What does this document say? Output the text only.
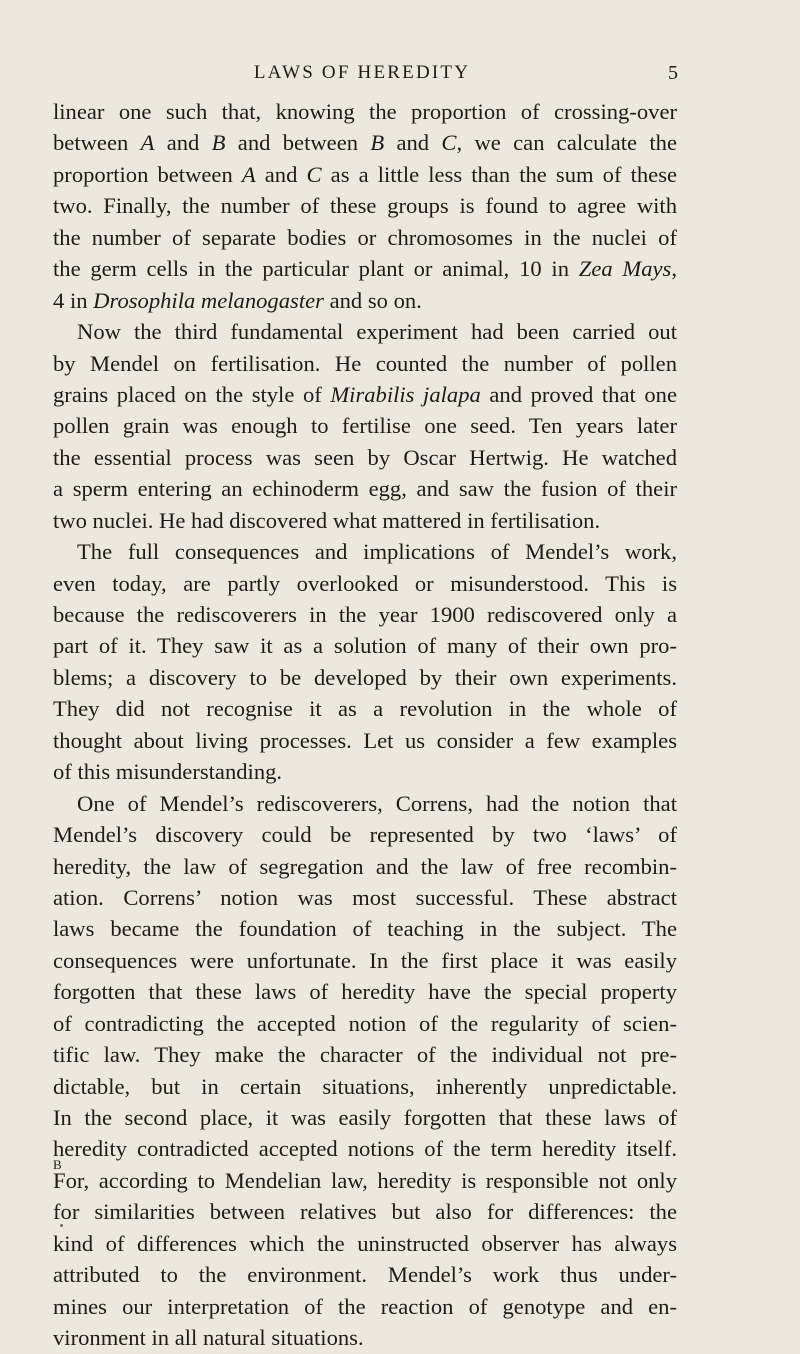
LAWS OF HEREDITY	5
linear one such that, knowing the proportion of crossing-over
between A and B and between B and C, we can calculate the
proportion between A and C as a little less than the sum of these
two. Finally, the number of these groups is found to agree with
the number of separate bodies or chromosomes in the nuclei of
the germ cells in the particular plant or animal, 10 in Zea Mays,
4 in Drosophila melanogaster and so on.
Now the third fundamental experiment had been carried out
by Mendel on fertilisation. He counted the number of pollen
grains placed on the style of Mirabilis jalapa and proved that one
pollen grain was enough to fertilise one seed. Ten years later
the essential process was seen by Oscar Hertwig. He watched
a sperm entering an echinoderm egg, and saw the fusion of their
two nuclei. He had discovered what mattered in fertilisation.
The full consequences and implications of Mendel’s work,
even today, are partly overlooked or misunderstood. This is
because the rediscoverers in the year 1900 rediscovered only a
part of it. They saw it as a solution of many of their own pro-
blems; a discovery to be developed by their own experiments.
They did not recognise it as a revolution in the whole of
thought about living processes. Let us consider a few examples
of this misunderstanding.
One of Mendel’s rediscoverers, Correns, had the notion that
Mendel’s discovery could be represented by two ‘laws’ of
heredity, the law of segregation and the law of free recombin-
ation. Correns’ notion was most successful. These abstract
laws became the foundation of teaching in the subject. The
consequences were unfortunate. In the first place it was easily
forgotten that these laws of heredity have the special property
of contradicting the accepted notion of the regularity of scien-
tific law. They make the character of the individual not pre-
dictable, but in certain situations, inherently unpredictable.
In the second place, it was easily forgotten that these laws of
heredity contradicted accepted notions of the term heredity itself.
For, according to Mendelian law, heredity is responsible not only
for similarities between relatives but also for differences: the
kind of differences which the uninstructed observer has always
attributed to the environment. Mendel’s work thus under-
mines our interpretation of the reaction of genotype and en-
vironment in all natural situations.
B
